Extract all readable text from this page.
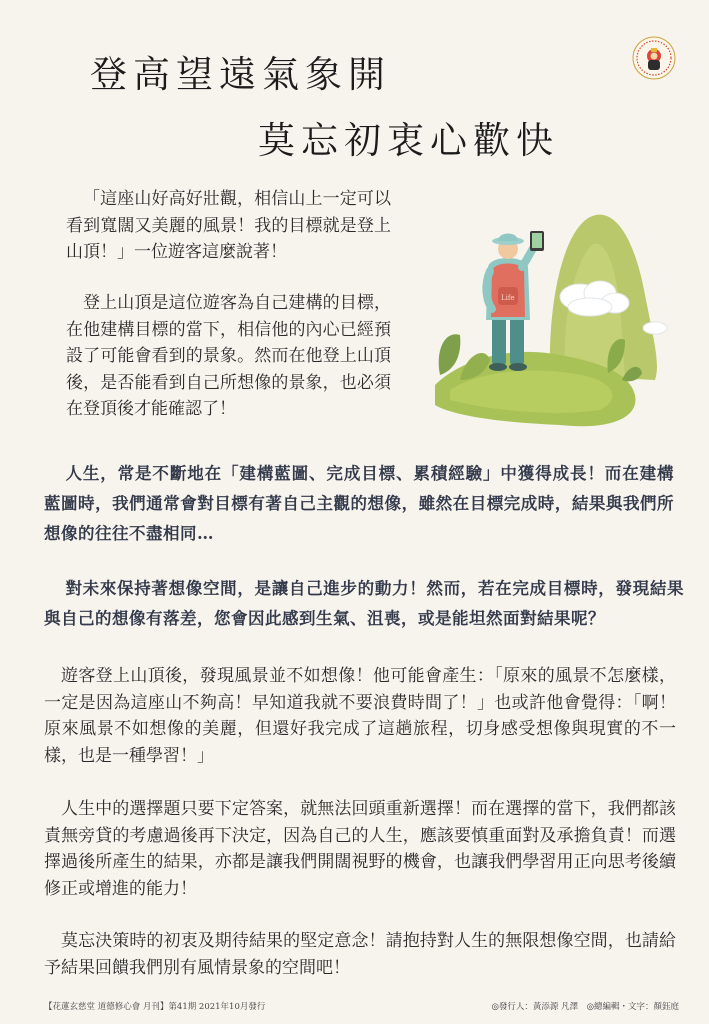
登高望遠氣象開
莫忘初衷心歡快
Life

「這座山好高好壯觀，相信山上一定可以看到寬闊又美麗的風景！我的目標就是登上山頂！」一位遊客這麼說著！

登上山頂是這位遊客為自己建構的目標，在他建構目標的當下，相信他的內心已經預設了可能會看到的景象。然而在他登上山頂後，是否能看到自己所想像的景象，也必須在登頂後才能確認了！

人生，常是不斷地在「建構藍圖、完成目標、累積經驗」中獲得成長！而在建構藍圖時，我們通常會對目標有著自己主觀的想像，雖然在目標完成時，結果與我們所想像的往往不盡相同…

對未來保持著想像空間，是讓自己進步的動力！然而，若在完成目標時，發現結果與自己的想像有落差，您會因此感到生氣、沮喪，或是能坦然面對結果呢？

遊客登上山頂後，發現風景並不如想像！他可能會產生：「原來的風景不怎麼樣，一定是因為這座山不夠高！早知道我就不要浪費時間了！」也或許他會覺得：「啊！原來風景不如想像的美麗，但還好我完成了這趟旅程，切身感受想像與現實的不一樣，也是一種學習！」

人生中的選擇題只要下定答案，就無法回頭重新選擇！而在選擇的當下，我們都該責無旁貸的考慮過後再下決定，因為自己的人生，應該要慎重面對及承擔負責！而選擇過後所產生的結果，亦都是讓我們開闊視野的機會，也讓我們學習用正向思考後續修正或增進的能力！

莫忘決策時的初衷及期待結果的堅定意念！請抱持對人生的無限想像空間，也請給予結果回饋我們別有風情景象的空間吧！

【花蓮玄慈堂 道德修心會 月刊】第41期 2021年10月發行	◎發行人：黃添源 凡澤　◎總編輯・文字：顏鈺庭
